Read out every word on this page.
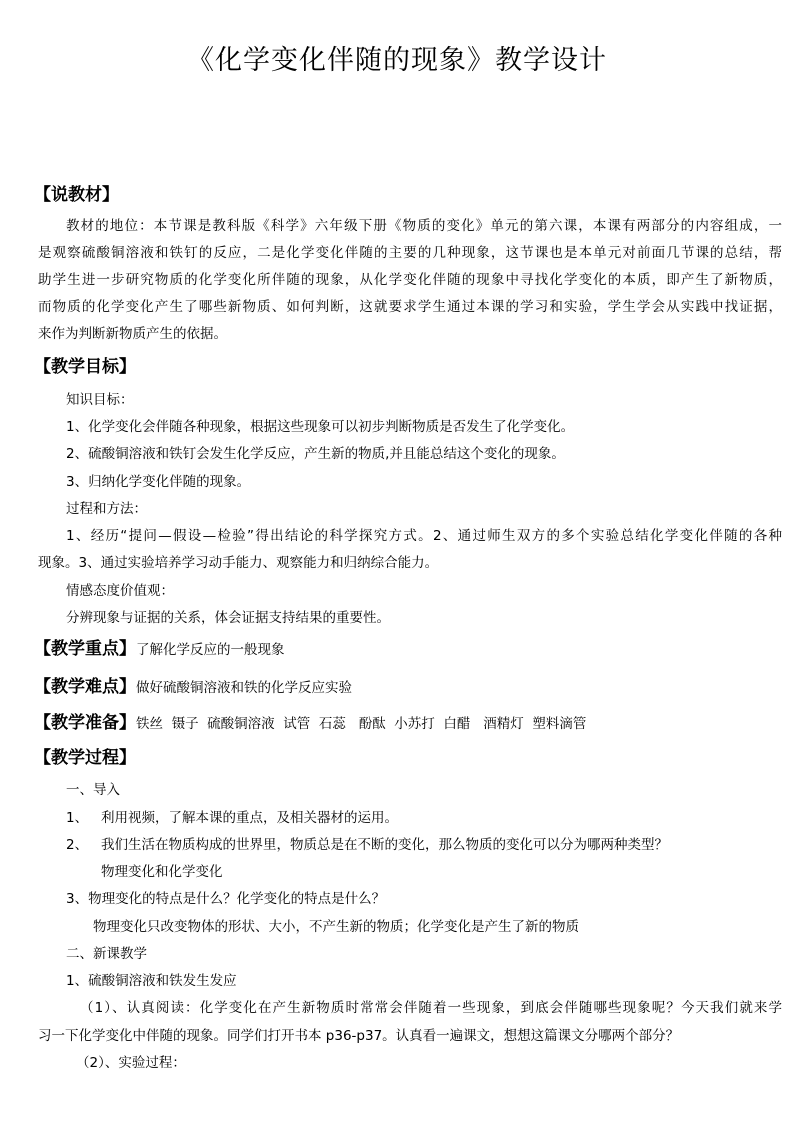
《化学变化伴随的现象》教学设计
【说教材】
教材的地位：本节课是教科版《科学》六年级下册《物质的变化》单元的第六课，本课有两部分的内容组成，一
是观察硫酸铜溶液和铁钉的反应，二是化学变化伴随的主要的几种现象，这节课也是本单元对前面几节课的总结，帮
助学生进一步研究物质的化学变化所伴随的现象，从化学变化伴随的现象中寻找化学变化的本质，即产生了新物质，
而物质的化学变化产生了哪些新物质、如何判断，这就要求学生通过本课的学习和实验，学生学会从实践中找证据，
来作为判断新物质产生的依据。
【教学目标】
知识目标：
1、化学变化会伴随各种现象，根据这些现象可以初步判断物质是否发生了化学变化。
2、硫酸铜溶液和铁钉会发生化学反应，产生新的物质,并且能总结这个变化的现象。
3、归纳化学变化伴随的现象。
过程和方法：
1、经历“提问—假设—检验”得出结论的科学探究方式。2、通过师生双方的多个实验总结化学变化伴随的各种
现象。3、通过实验培养学习动手能力、观察能力和归纳综合能力。
情感态度价值观：
分辨现象与证据的关系，体会证据支持结果的重要性。
【教学重点】了解化学反应的一般现象
【教学难点】做好硫酸铜溶液和铁的化学反应实验
【教学准备】铁丝  镊子  硫酸铜溶液  试管  石蕊   酚酞  小苏打  白醋   酒精灯  塑料滴管
【教学过程】
一、导入
1、   利用视频，了解本课的重点，及相关器材的运用。
2、   我们生活在物质构成的世界里，物质总是在不断的变化，那么物质的变化可以分为哪两种类型？
物理变化和化学变化
3、物理变化的特点是什么？化学变化的特点是什么？
物理变化只改变物体的形状、大小，不产生新的物质；化学变化是产生了新的物质
二、新课教学
1、硫酸铜溶液和铁发生发应
（1）、认真阅读：化学变化在产生新物质时常常会伴随着一些现象，到底会伴随哪些现象呢？今天我们就来学
习一下化学变化中伴随的现象。同学们打开书本 p36-p37。认真看一遍课文，想想这篇课文分哪两个部分？
（2）、实验过程：
